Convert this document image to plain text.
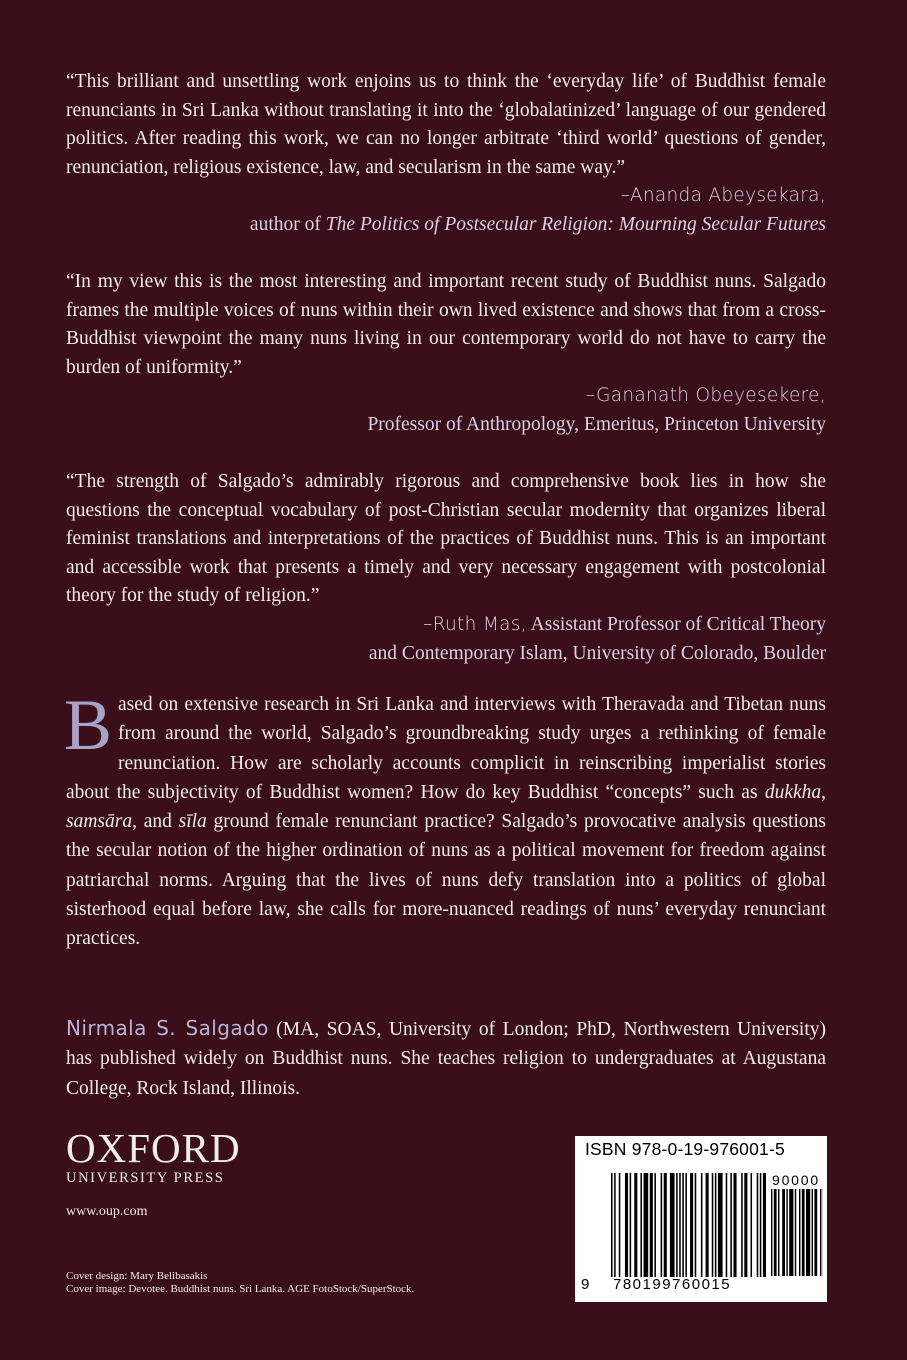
“This brilliant and unsettling work enjoins us to think the ‘everyday life’ of Buddhist female renunciants in Sri Lanka without translating it into the ‘globalatinized’ language of our gendered politics. After reading this work, we can no longer arbitrate ‘third world’ questions of gender, renunciation, religious existence, law, and secularism in the same way.”

–Ananda Abeysekara,
author of The Politics of Postsecular Religion: Mourning Secular Futures

“In my view this is the most interesting and important recent study of Buddhist nuns. Salgado frames the multiple voices of nuns within their own lived existence and shows that from a cross-Buddhist viewpoint the many nuns living in our contemporary world do not have to carry the burden of uniformity.”

–Gananath Obeyesekere,
Professor of Anthropology, Emeritus, Princeton University

“The strength of Salgado’s admirably rigorous and comprehensive book lies in how she questions the conceptual vocabulary of post-Christian secular modernity that organizes liberal feminist translations and interpretations of the practices of Buddhist nuns. This is an important and accessible work that presents a timely and very necessary engagement with postcolonial theory for the study of religion.”

–Ruth Mas, Assistant Professor of Critical Theory
and Contemporary Islam, University of Colorado, Boulder
Based on extensive research in Sri Lanka and interviews with Theravada and Tibetan nuns from around the world, Salgado’s groundbreaking study urges a rethinking of female renunciation. How are scholarly accounts complicit in reinscribing imperialist stories about the subjectivity of Buddhist women? How do key Buddhist “concepts” such as dukkha, samsāra, and sīla ground female renunciant practice? Salgado’s provocative analysis questions the secular notion of the higher ordination of nuns as a political movement for freedom against patriarchal norms. Arguing that the lives of nuns defy translation into a politics of global sisterhood equal before law, she calls for more-nuanced readings of nuns’ everyday renunciant practices.
Nirmala S. Salgado (MA, SOAS, University of London; PhD, Northwestern University) has published widely on Buddhist nuns. She teaches religion to undergraduates at Augustana College, Rock Island, Illinois.
OXFORD
UNIVERSITY PRESS
www.oup.com
Cover design: Mary Belibasakis
Cover image: Devotee. Buddhist nuns. Sri Lanka. AGE FotoStock/SuperStock.
ISBN 978-0-19-976001-5
90000
9 780199760015
